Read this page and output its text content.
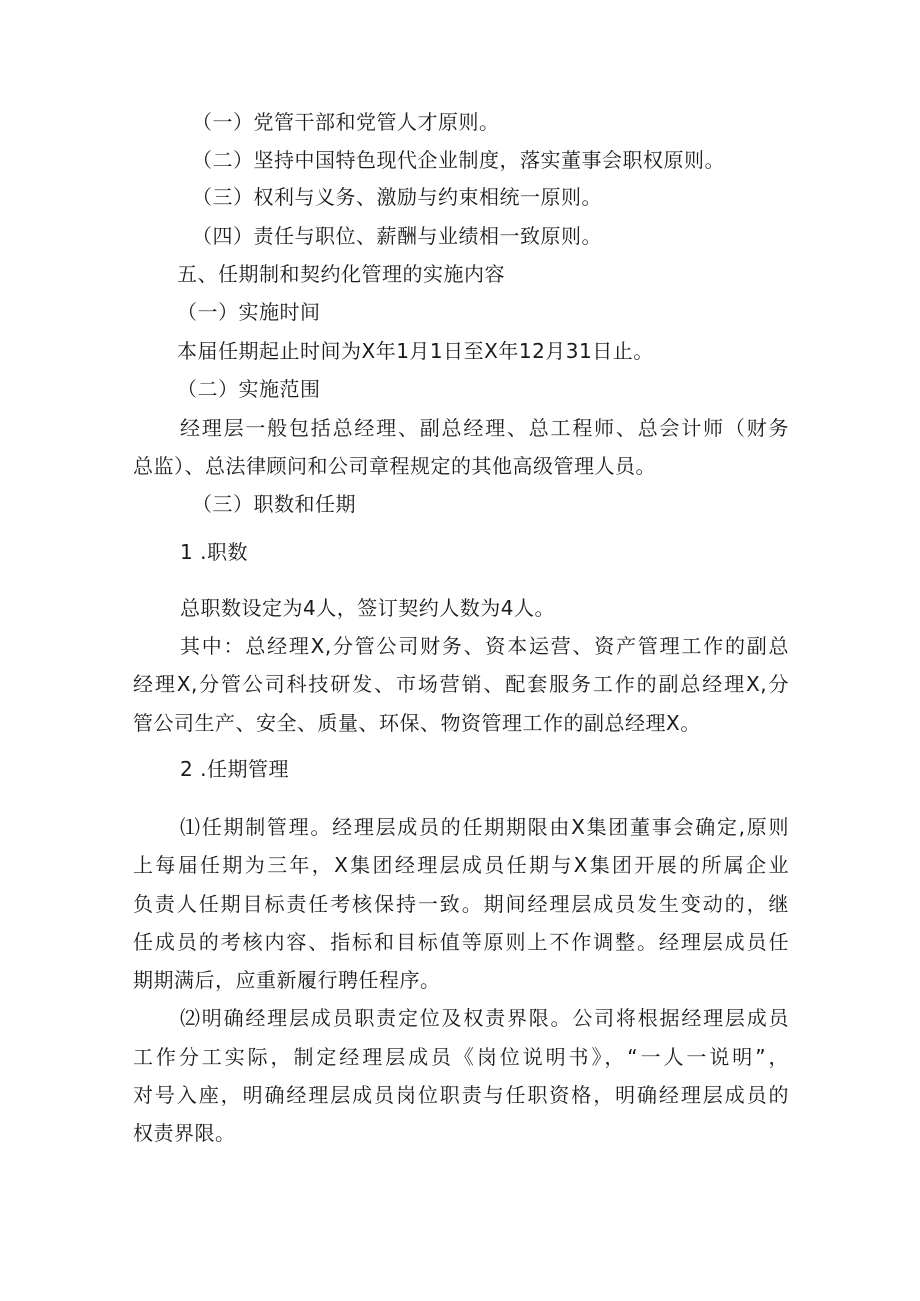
（一）党管干部和党管人才原则。
（二）坚持中国特色现代企业制度，落实董事会职权原则。
（三）权利与义务、激励与约束相统一原则。
（四）责任与职位、薪酬与业绩相一致原则。
五、任期制和契约化管理的实施内容
（一）实施时间
本届任期起止时间为X年1月1日至X年12月31日止。
（二）实施范围
经理层一般包括总经理、副总经理、总工程师、总会计师（财务
总监）、总法律顾问和公司章程规定的其他高级管理人员。
（三）职数和任期
1 .职数
总职数设定为4人，签订契约人数为4人。
其中：总经理X,分管公司财务、资本运营、资产管理工作的副总
经理X,分管公司科技研发、市场营销、配套服务工作的副总经理X,分
管公司生产、安全、质量、环保、物资管理工作的副总经理X。
2 .任期管理
⑴任期制管理。经理层成员的任期期限由X集团董事会确定,原则
上每届任期为三年，X集团经理层成员任期与X集团开展的所属企业
负责人任期目标责任考核保持一致。期间经理层成员发生变动的，继
任成员的考核内容、指标和目标值等原则上不作调整。经理层成员任
期期满后，应重新履行聘任程序。
⑵明确经理层成员职责定位及权责界限。公司将根据经理层成员
工作分工实际，制定经理层成员《岗位说明书》，“一人一说明”，
对号入座，明确经理层成员岗位职责与任职资格，明确经理层成员的
权责界限。
